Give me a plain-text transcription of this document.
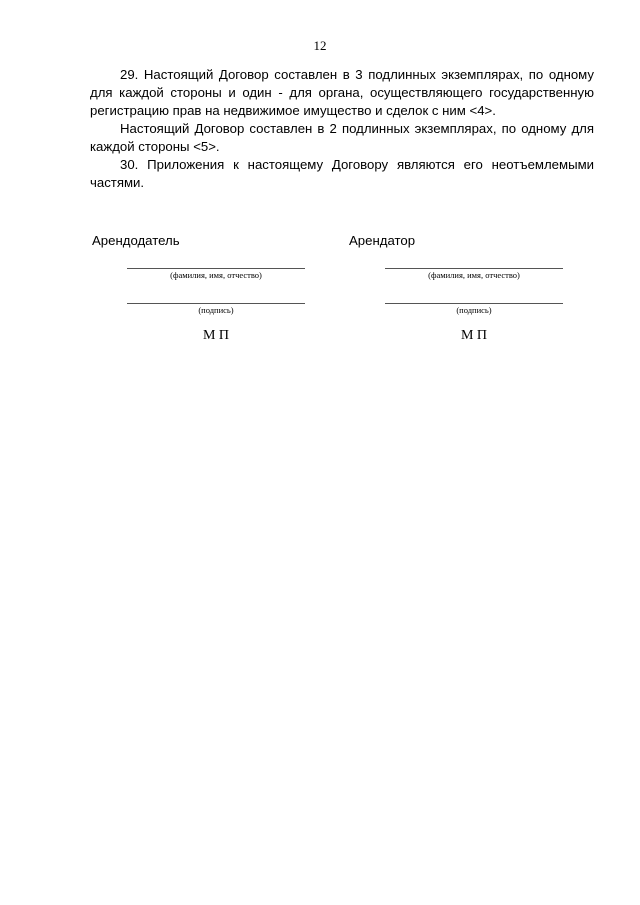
12

29. Настоящий Договор составлен в 3 подлинных экземплярах, по одному для каждой стороны и один - для органа, осуществляющего государственную регистрацию прав на недвижимое имущество и сделок с ним <4>.

Настоящий Договор составлен в 2 подлинных экземплярах, по одному для каждой стороны <5>.

30. Приложения к настоящему Договору являются его неотъемлемыми частями.

Арендодатель
(фамилия, имя, отчество)
(подпись)
М П
Арендатор
(фамилия, имя, отчество)
(подпись)
М П
